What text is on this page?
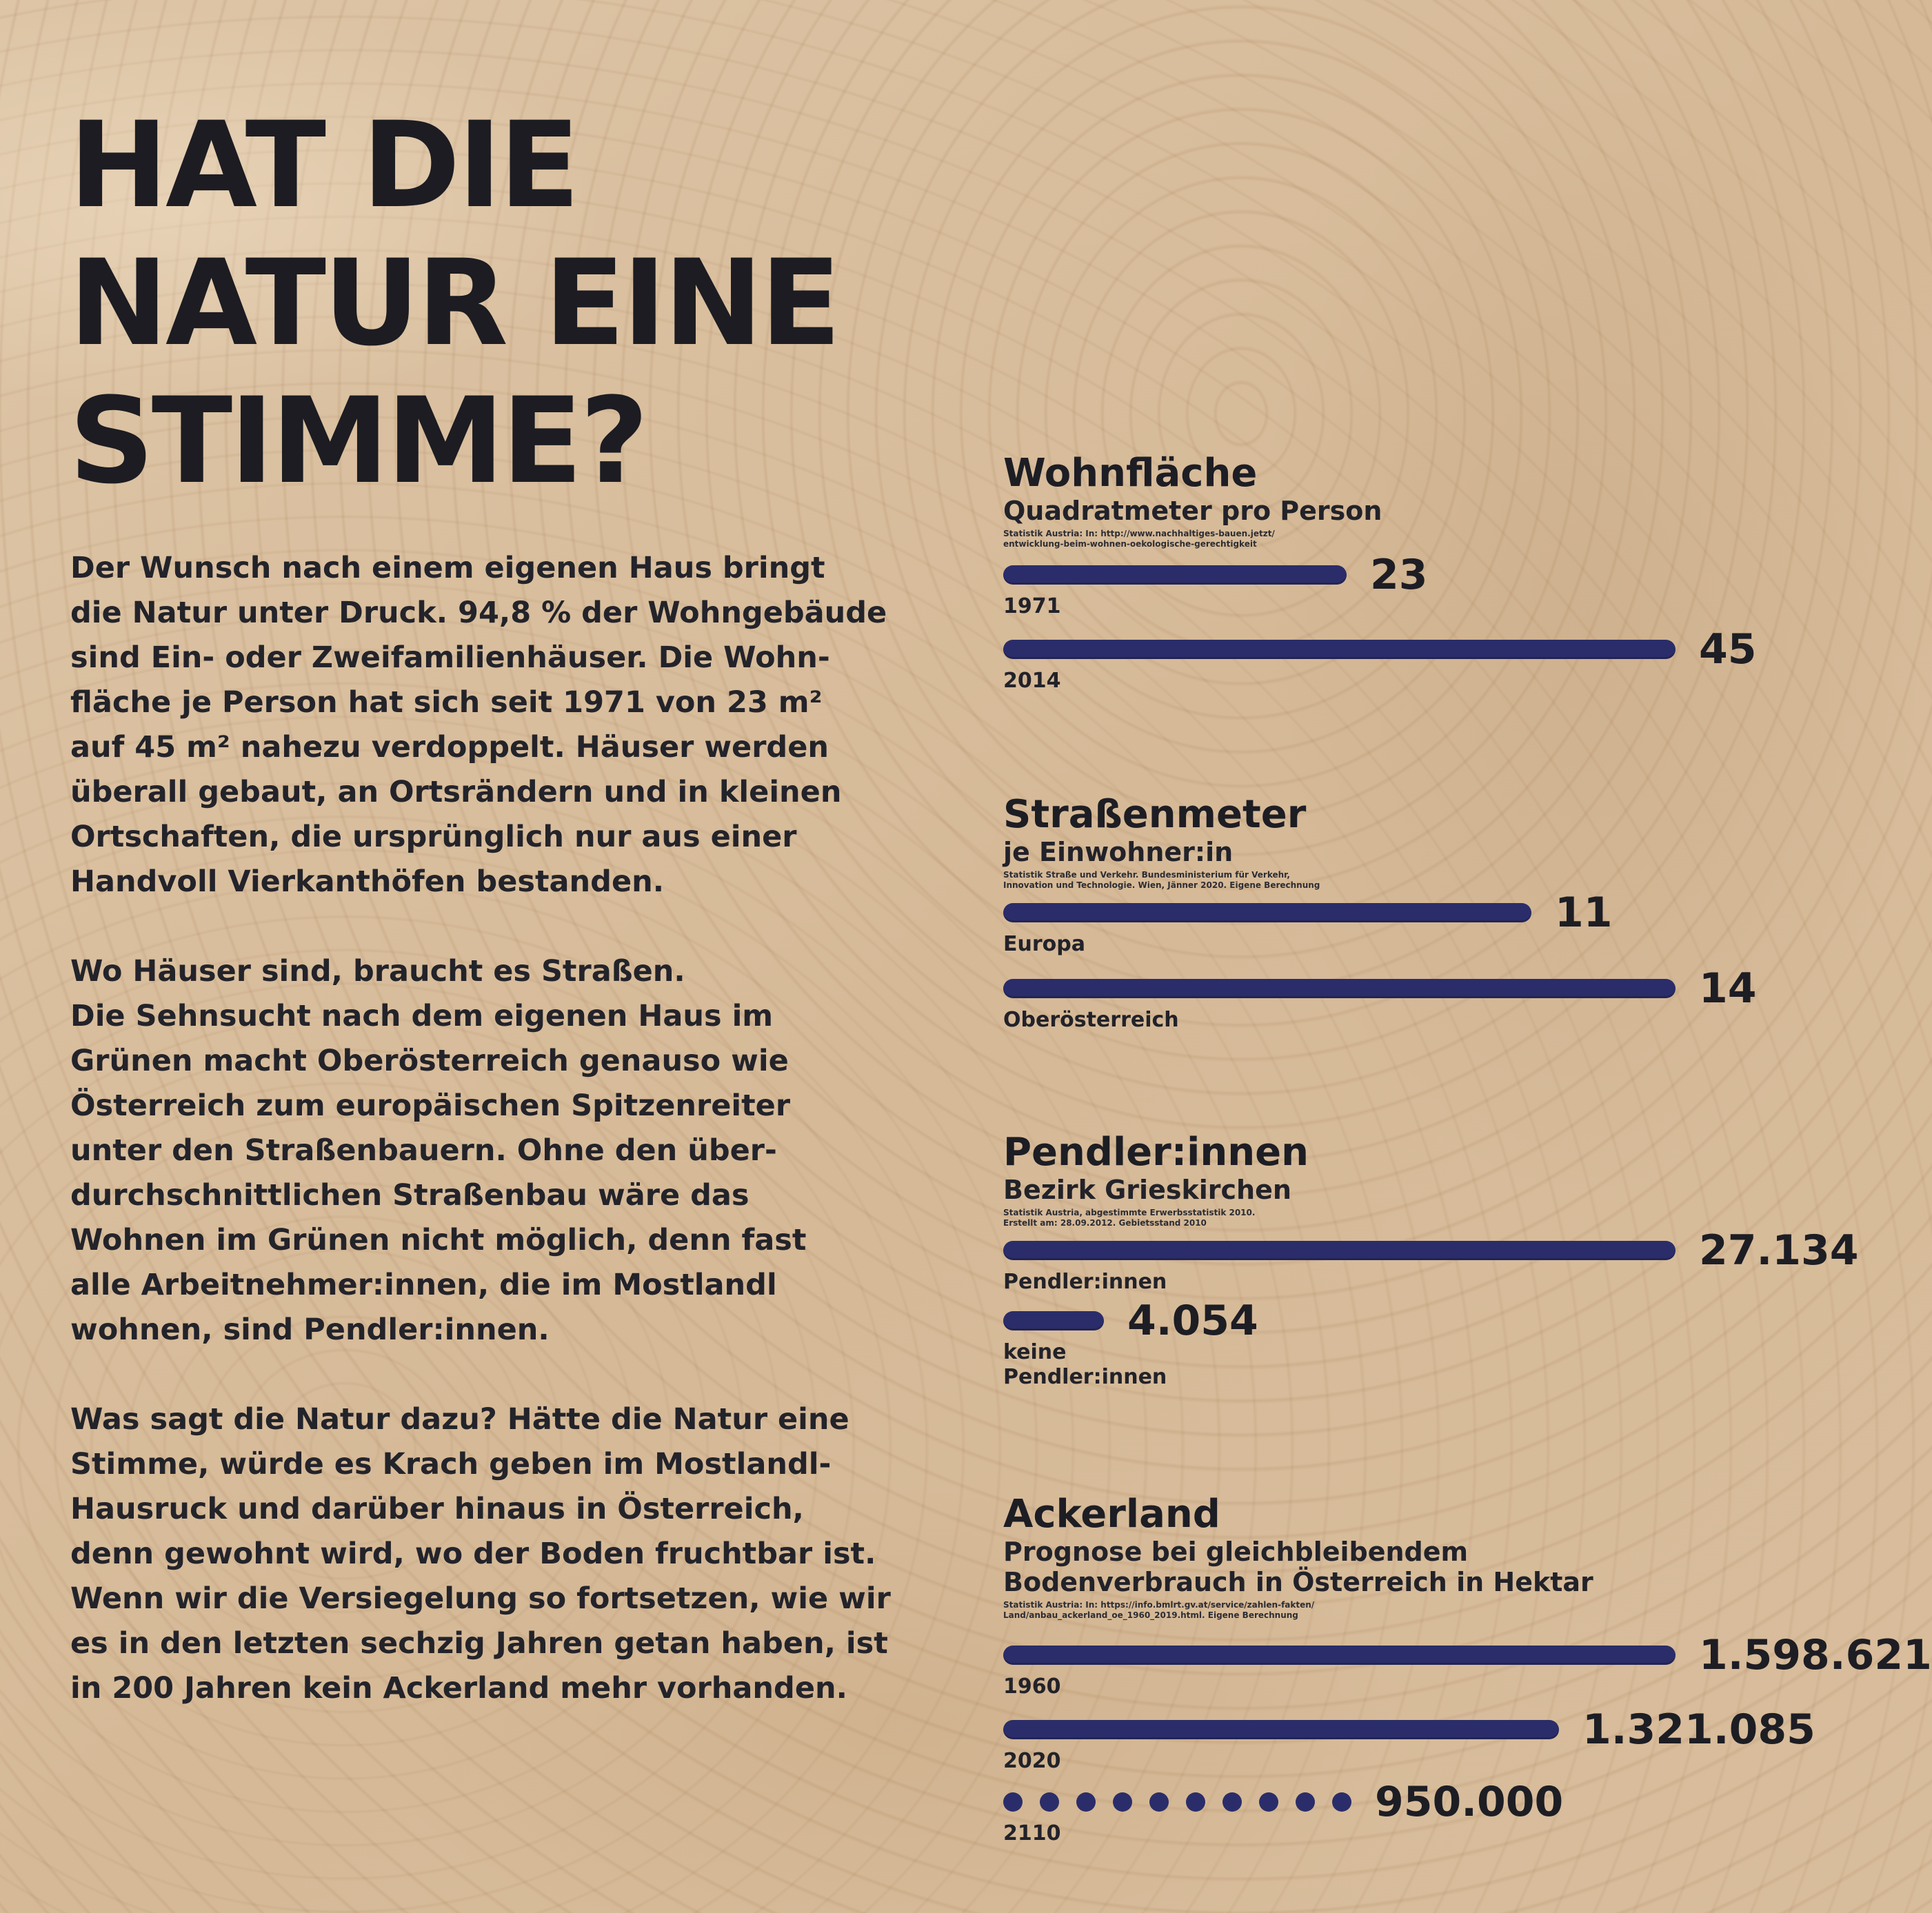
HAT DIE
NATUR EINE
STIMME?

Der Wunsch nach einem eigenen Haus bringt
die Natur unter Druck. 94,8 % der Wohngebäude
sind Ein- oder Zweifamilienhäuser. Die Wohn-
fläche je Person hat sich seit 1971 von 23 m²
auf 45 m² nahezu verdoppelt. Häuser werden
überall gebaut, an Ortsrändern und in kleinen
Ortschaften, die ursprünglich nur aus einer
Handvoll Vierkanthöfen bestanden.

Wo Häuser sind, braucht es Straßen.
Die Sehnsucht nach dem eigenen Haus im
Grünen macht Oberösterreich genauso wie
Österreich zum europäischen Spitzenreiter
unter den Straßenbauern. Ohne den über-
durchschnittlichen Straßenbau wäre das
Wohnen im Grünen nicht möglich, denn fast
alle Arbeitnehmer:innen, die im Mostlandl
wohnen, sind Pendler:innen.

Was sagt die Natur dazu? Hätte die Natur eine
Stimme, würde es Krach geben im Mostlandl-
Hausruck und darüber hinaus in Österreich,
denn gewohnt wird, wo der Boden fruchtbar ist.
Wenn wir die Versiegelung so fortsetzen, wie wir
es in den letzten sechzig Jahren getan haben, ist
in 200 Jahren kein Ackerland mehr vorhanden.

Wohnfläche
Quadratmeter pro Person
Statistik Austria: In: http://www.nachhaltiges-bauen.jetzt/
entwicklung-beim-wohnen-oekologische-gerechtigkeit
23
1971
45
2014
Straßenmeter
je Einwohner:in
Statistik Straße und Verkehr. Bundesministerium für Verkehr,
Innovation und Technologie. Wien, Jänner 2020. Eigene Berechnung
11
Europa
14
Oberösterreich
Pendler:innen
Bezirk Grieskirchen
Statistik Austria, abgestimmte Erwerbsstatistik 2010.
Erstellt am: 28.09.2012. Gebietsstand 2010
27.134
Pendler:innen
4.054
keine
Pendler:innen
Ackerland
Prognose bei gleichbleibendem
Bodenverbrauch in Österreich in Hektar
Statistik Austria: In: https://info.bmlrt.gv.at/service/zahlen-fakten/
Land/anbau_ackerland_oe_1960_2019.html. Eigene Berechnung
1.598.621
1960
1.321.085
2020
950.000
2110
